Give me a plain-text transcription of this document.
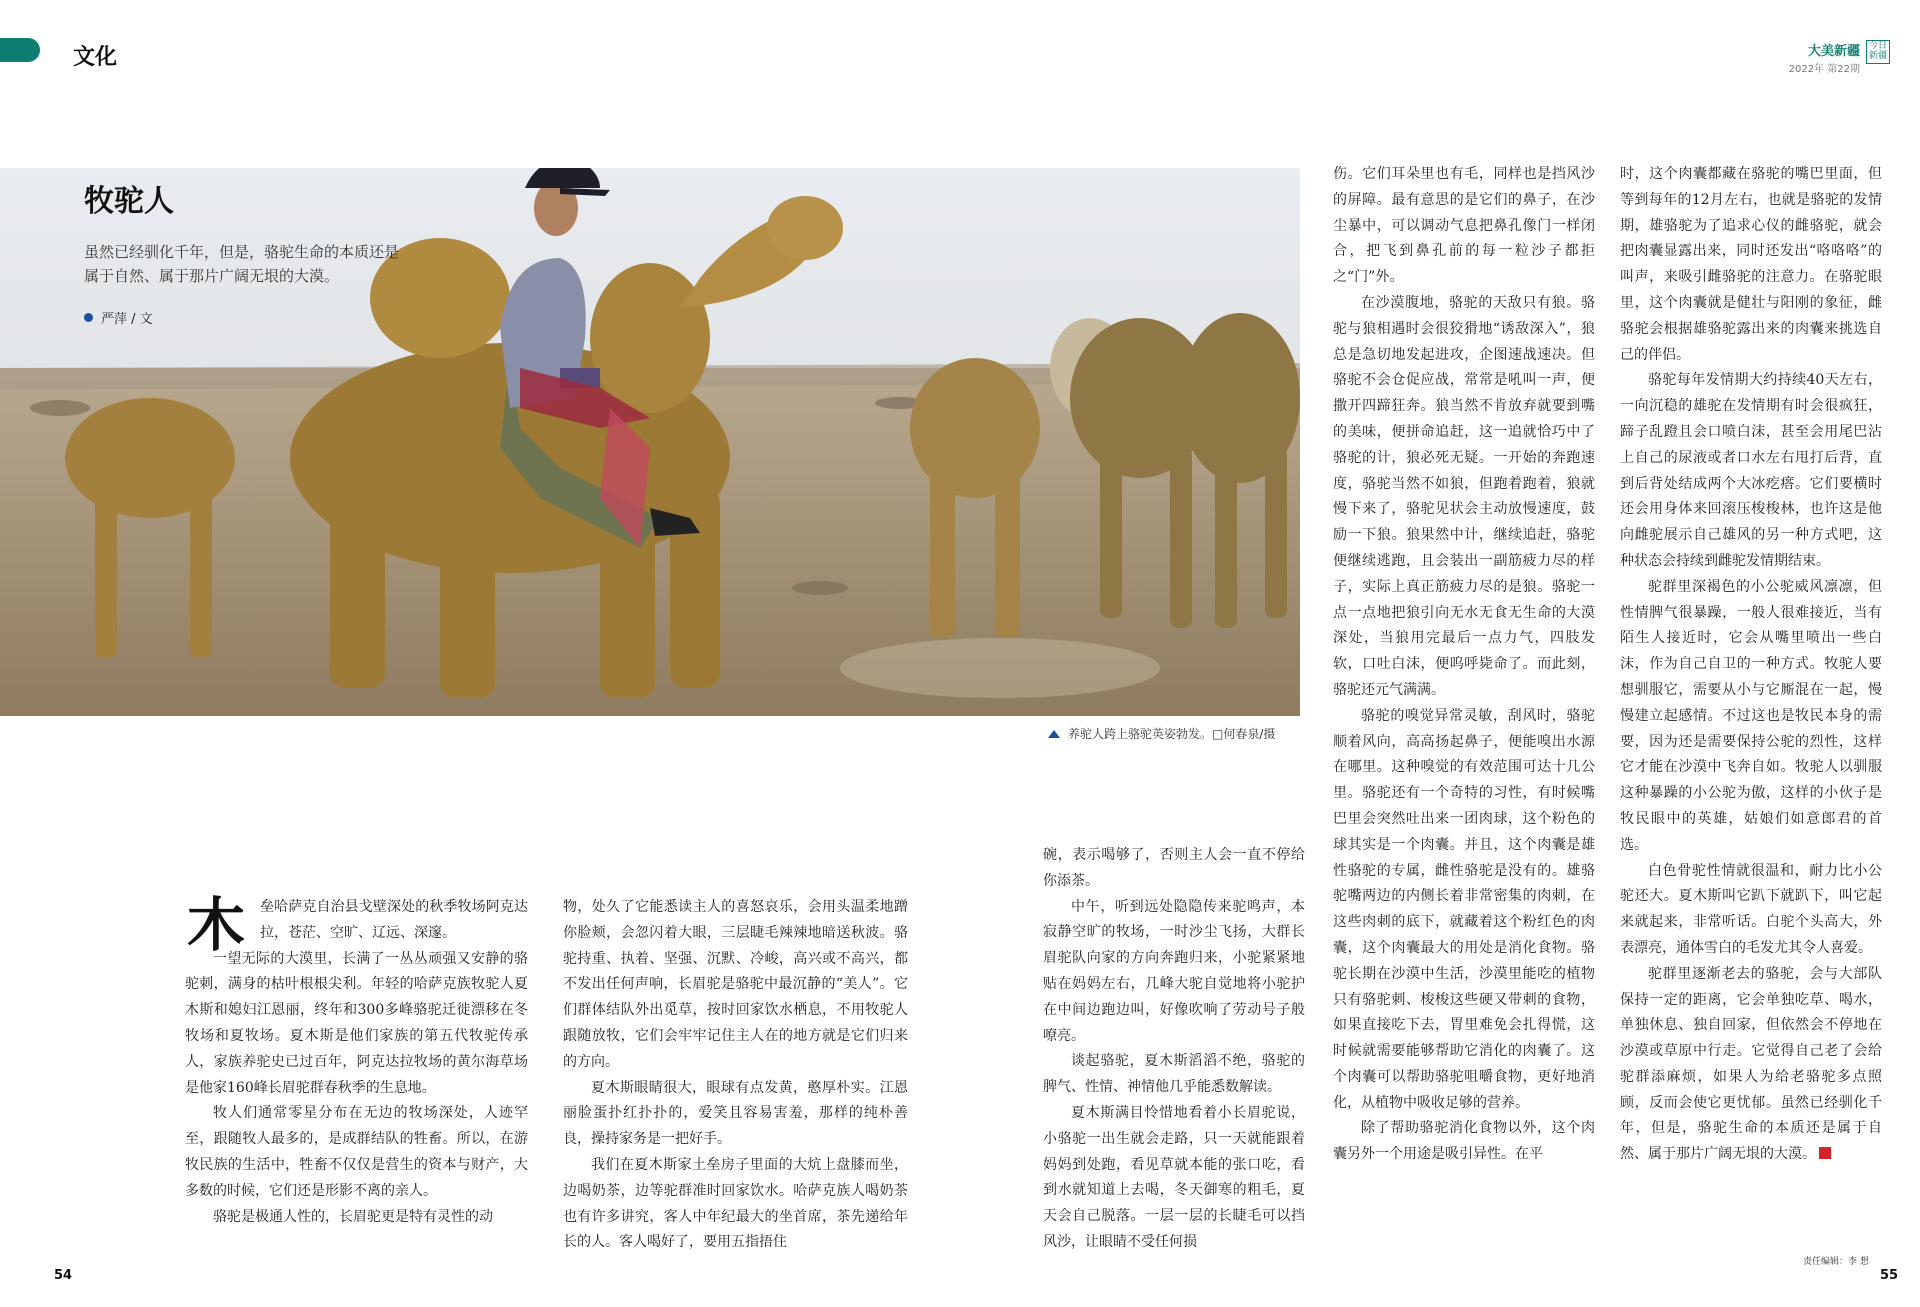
文化	大美新疆
2022年 第22期
今日新疆
牧驼人
虽然已经驯化千年，但是，骆驼生命的本质还是属于自然、属于那片广阔无垠的大漠。
严萍 / 文
养驼人跨上骆驼英姿勃发。□何春泉/摄
木 垒哈萨克自治县戈壁深处的秋季牧场阿克达拉，苍茫、空旷、辽远、深邃。

一望无际的大漠里，长满了一丛丛顽强又安静的骆驼刺，满身的枯叶根根尖利。年轻的哈萨克族牧驼人夏木斯和媳妇江恩丽，终年和300多峰骆驼迁徙漂移在冬牧场和夏牧场。夏木斯是他们家族的第五代牧驼传承人，家族养驼史已过百年，阿克达拉牧场的黄尔海草场是他家160峰长眉驼群春秋季的生息地。

牧人们通常零星分布在无边的牧场深处，人迹罕至，跟随牧人最多的，是成群结队的牲畜。所以，在游牧民族的生活中，牲畜不仅仅是营生的资本与财产，大多数的时候，它们还是形影不离的亲人。

骆驼是极通人性的，长眉驼更是特有灵性的动

物，处久了它能悉读主人的喜怒哀乐，会用头温柔地蹭你脸颊，会忽闪着大眼，三层睫毛辣辣地暗送秋波。骆驼持重、执着、坚强、沉默、冷峻，高兴或不高兴，都不发出任何声响，长眉驼是骆驼中最沉静的“美人”。它们群体结队外出觅草，按时回家饮水栖息，不用牧驼人跟随放牧，它们会牢牢记住主人在的地方就是它们归来的方向。

夏木斯眼睛很大，眼球有点发黄，憨厚朴实。江恩丽脸蛋扑红扑扑的，爱笑且容易害羞，那样的纯朴善良，操持家务是一把好手。

我们在夏木斯家土垒房子里面的大炕上盘膝而坐，边喝奶茶，边等驼群准时回家饮水。哈萨克族人喝奶茶也有许多讲究，客人中年纪最大的坐首席，茶先递给年长的人。客人喝好了，要用五指捂住

碗，表示喝够了，否则主人会一直不停给你添茶。

中午，听到远处隐隐传来驼鸣声，本寂静空旷的牧场，一时沙尘飞扬，大群长眉驼队向家的方向奔跑归来，小驼紧紧地贴在妈妈左右，几峰大驼自觉地将小驼护在中间边跑边叫，好像吹响了劳动号子般嘹亮。

谈起骆驼，夏木斯滔滔不绝，骆驼的脾气、性情、神情他几乎能悉数解读。

夏木斯满目怜惜地看着小长眉驼说，小骆驼一出生就会走路，只一天就能跟着妈妈到处跑，看见草就本能的张口吃，看到水就知道上去喝，冬天御寒的粗毛，夏天会自己脱落。一层一层的长睫毛可以挡风沙，让眼睛不受任何损

伤。它们耳朵里也有毛，同样也是挡风沙的屏障。最有意思的是它们的鼻子，在沙尘暴中，可以调动气息把鼻孔像门一样闭合，把飞到鼻孔前的每一粒沙子都拒之“门”外。

在沙漠腹地，骆驼的天敌只有狼。骆驼与狼相遇时会很狡猾地“诱敌深入”，狼总是急切地发起进攻，企图速战速决。但骆驼不会仓促应战，常常是吼叫一声，便撒开四蹄狂奔。狼当然不肯放弃就要到嘴的美味，便拼命追赶，这一追就恰巧中了骆驼的计，狼必死无疑。一开始的奔跑速度，骆驼当然不如狼，但跑着跑着，狼就慢下来了，骆驼见状会主动放慢速度，鼓励一下狼。狼果然中计，继续追赶，骆驼便继续逃跑，且会装出一副筋疲力尽的样子，实际上真正筋疲力尽的是狼。骆驼一点一点地把狼引向无水无食无生命的大漠深处，当狼用完最后一点力气，四肢发软，口吐白沫，便呜呼毙命了。而此刻，骆驼还元气满满。

骆驼的嗅觉异常灵敏，刮风时，骆驼顺着风向，高高扬起鼻子，便能嗅出水源在哪里。这种嗅觉的有效范围可达十几公里。骆驼还有一个奇特的习性，有时候嘴巴里会突然吐出来一团肉球，这个粉色的球其实是一个肉囊。并且，这个肉囊是雄性骆驼的专属，雌性骆驼是没有的。雄骆驼嘴两边的内侧长着非常密集的肉刺，在这些肉刺的底下，就藏着这个粉红色的肉囊，这个肉囊最大的用处是消化食物。骆驼长期在沙漠中生活，沙漠里能吃的植物只有骆驼刺、梭梭这些硬又带刺的食物，如果直接吃下去，胃里难免会扎得慌，这时候就需要能够帮助它消化的肉囊了。这个肉囊可以帮助骆驼咀嚼食物，更好地消化，从植物中吸收足够的营养。

除了帮助骆驼消化食物以外，这个肉囊另外一个用途是吸引异性。在平

时，这个肉囊都藏在骆驼的嘴巴里面，但等到每年的12月左右，也就是骆驼的发情期，雄骆驼为了追求心仪的雌骆驼，就会把肉囊显露出来，同时还发出“咯咯咯”的叫声，来吸引雌骆驼的注意力。在骆驼眼里，这个肉囊就是健壮与阳刚的象征，雌骆驼会根据雄骆驼露出来的肉囊来挑选自己的伴侣。

骆驼每年发情期大约持续40天左右，一向沉稳的雄驼在发情期有时会很疯狂，蹄子乱蹬且会口喷白沫，甚至会用尾巴沾上自己的尿液或者口水左右甩打后背，直到后背处结成两个大冰疙瘩。它们要横时还会用身体来回滚压梭梭林，也许这是他向雌驼展示自己雄风的另一种方式吧，这种状态会持续到雌驼发情期结束。

驼群里深褐色的小公驼威风凛凛，但性情脾气很暴躁，一般人很难接近，当有陌生人接近时，它会从嘴里喷出一些白沫，作为自己自卫的一种方式。牧驼人要想驯服它，需要从小与它厮混在一起，慢慢建立起感情。不过这也是牧民本身的需要，因为还是需要保持公驼的烈性，这样它才能在沙漠中飞奔自如。牧驼人以驯服这种暴躁的小公驼为傲，这样的小伙子是牧民眼中的英雄，姑娘们如意郎君的首选。

白色骨驼性情就很温和，耐力比小公驼还大。夏木斯叫它趴下就趴下，叫它起来就起来，非常听话。白驼个头高大，外表漂亮，通体雪白的毛发尤其令人喜爱。

驼群里逐渐老去的骆驼，会与大部队保持一定的距离，它会单独吃草、喝水，单独休息、独自回家，但依然会不停地在沙漠或草原中行走。它觉得自己老了会给驼群添麻烦，如果人为给老骆驼多点照顾，反而会使它更忧郁。虽然已经驯化千年，但是，骆驼生命的本质还是属于自然、属于那片广阔无垠的大漠。

54	55
责任编辑：李 想
